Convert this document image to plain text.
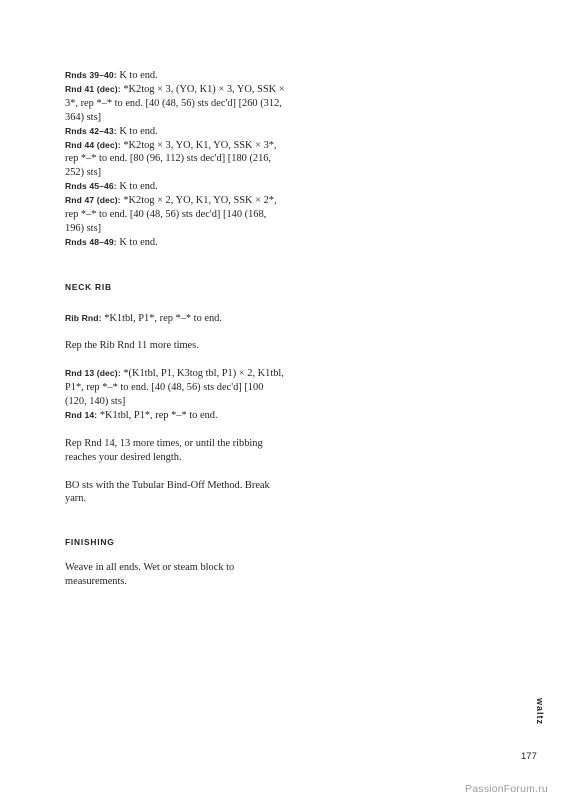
Rnds 39–40: K to end.

Rnd 41 (dec): *K2tog × 3, (YO, K1) × 3, YO, SSK × 3*, rep *–* to end. [40 (48, 56) sts dec'd] [260 (312, 364) sts]

Rnds 42–43: K to end.

Rnd 44 (dec): *K2tog × 3, YO, K1, YO, SSK × 3*, rep *–* to end. [80 (96, 112) sts dec'd] [180 (216, 252) sts]

Rnds 45–46: K to end.

Rnd 47 (dec): *K2tog × 2, YO, K1, YO, SSK × 2*, rep *–* to end. [40 (48, 56) sts dec'd] [140 (168, 196) sts]

Rnds 48–49: K to end.

NECK RIB

Rib Rnd: *K1tbl, P1*, rep *–* to end.

Rep the Rib Rnd 11 more times.

Rnd 13 (dec): *(K1tbl, P1, K3tog tbl, P1) × 2, K1tbl, P1*, rep *–* to end. [40 (48, 56) sts dec'd] [100 (120, 140) sts]

Rnd 14: *K1tbl, P1*, rep *–* to end.

Rep Rnd 14, 13 more times, or until the ribbing reaches your desired length.

BO sts with the Tubular Bind-Off Method. Break yarn.

FINISHING

Weave in all ends. Wet or steam block to measurements.

waltz
177
PassionForum.ru
